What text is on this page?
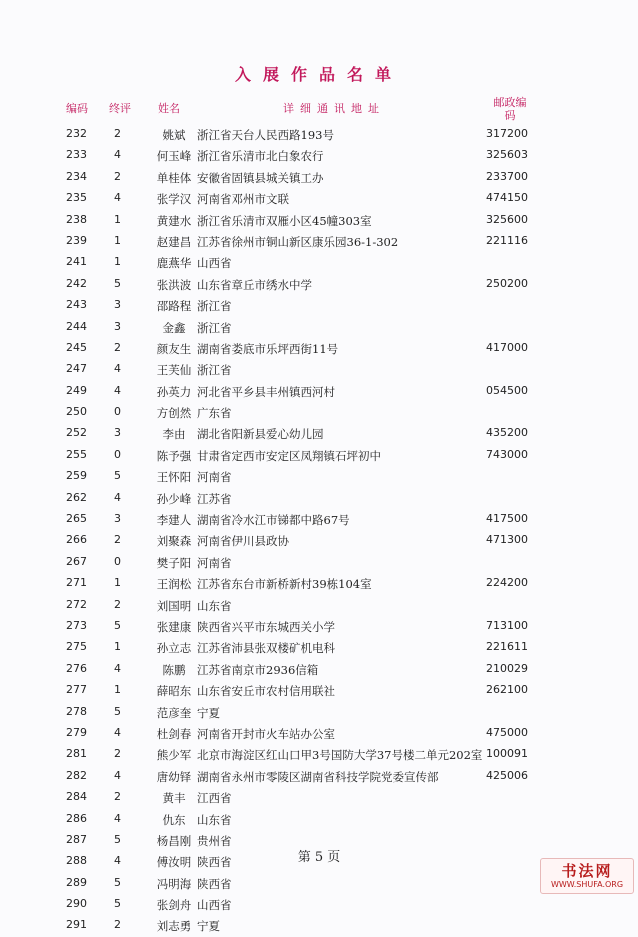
入展作品名单
编码 终评 姓名	详细通讯地址	邮政编码
232 2	姚斌	浙江省天台人民西路193号	317200
233 4	何玉峰 浙江省乐清市北白象农行	325603
234 2	单桂体 安徽省固镇县城关镇工办	233700
235 4	张学汉 河南省邓州市文联	474150
238 1	黄建水 浙江省乐清市双雁小区45幢303室	325600
239 1	赵建昌 江苏省徐州市铜山新区康乐园36-1-302	221116
241 1	鹿燕华 山西省
242 5	张洪波 山东省章丘市绣水中学	250200
243 3	邵路程 浙江省
244 3	金鑫	浙江省
245 2	颜友生 湖南省娄底市乐坪西街11号	417000
247 4	王芙仙 浙江省
249 4	孙英力 河北省平乡县丰州镇西河村	054500
250 0	方创然 广东省
252 3	李由	湖北省阳新县爱心幼儿园	435200
255 0	陈予强 甘肃省定西市安定区凤翔镇石坪初中	743000
259 5	王怀阳 河南省
262 4	孙少峰 江苏省
265 3	李建人 湖南省冷水江市锑都中路67号	417500
266 2	刘聚森 河南省伊川县政协	471300
267 0	樊子阳 河南省
271 1	王润松 江苏省东台市新桥新村39栋104室	224200
272 2	刘国明 山东省
273 5	张建康 陕西省兴平市东城西关小学	713100
275 1	孙立志 江苏省沛县张双楼矿机电科	221611
276 4	陈鹏	江苏省南京市2936信箱	210029
277 1	薛昭东 山东省安丘市农村信用联社	262100
278 5	范彦奎 宁夏
279 4	杜剑春 河南省开封市火车站办公室	475000
281 2	熊少军 北京市海淀区红山口甲3号国防大学37号楼二单元202室 100091
282 4	唐幼铎 湖南省永州市零陵区湖南省科技学院党委宣传部	425006
284 2	黄丰	江西省
286 4	仇东	山东省
287 5	杨昌刚 贵州省
288 4	傅汝明 陕西省
289 5	冯明海 陕西省
290 5	张剑舟 山西省
291 2	刘志勇 宁夏
第 5 页
书法网
WWW.SHUFA.ORG
